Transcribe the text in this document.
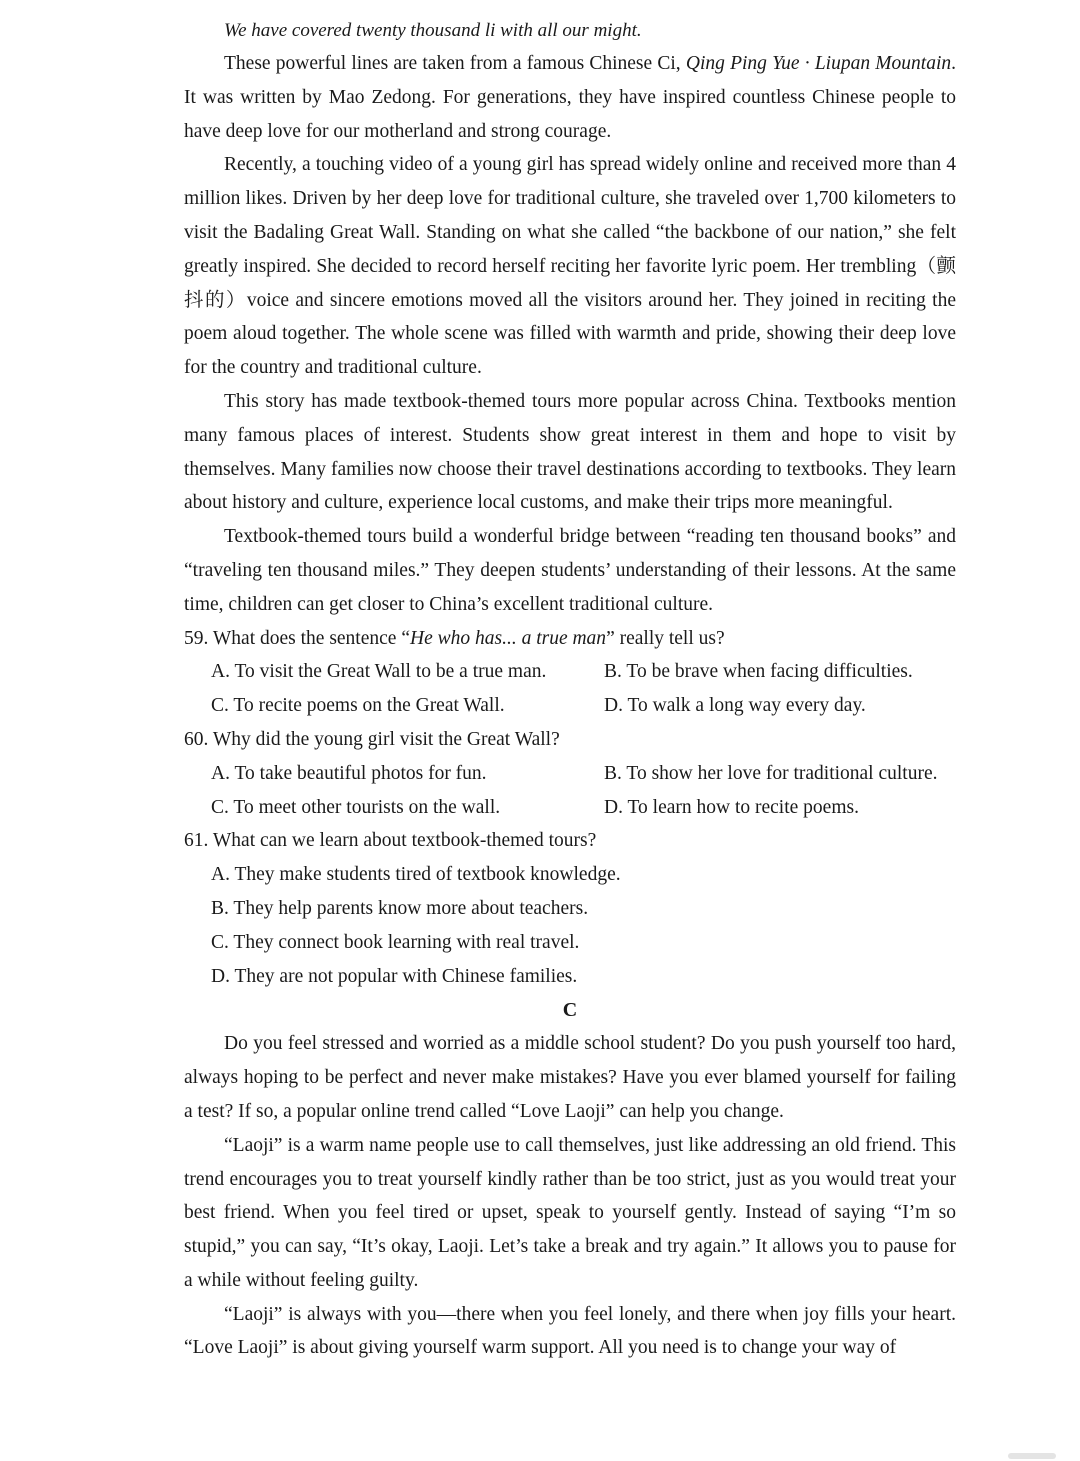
We have covered twenty thousand li with all our might.

These powerful lines are taken from a famous Chinese Ci, Qing Ping Yue · Liupan Mountain. It was written by Mao Zedong. For generations, they have inspired countless Chinese people to have deep love for our motherland and strong courage.

Recently, a touching video of a young girl has spread widely online and received more than 4 million likes. Driven by her deep love for traditional culture, she traveled over 1,700 kilometers to visit the Badaling Great Wall. Standing on what she called “the backbone of our nation,” she felt greatly inspired. She decided to record herself reciting her favorite lyric poem. Her trembling（颤抖的）voice and sincere emotions moved all the visitors around her. They joined in reciting the poem aloud together. The whole scene was filled with warmth and pride, showing their deep love for the country and traditional culture.

This story has made textbook-themed tours more popular across China. Textbooks mention many famous places of interest. Students show great interest in them and hope to visit by themselves. Many families now choose their travel destinations according to textbooks. They learn about history and culture, experience local customs, and make their trips more meaningful.

Textbook-themed tours build a wonderful bridge between “reading ten thousand books” and “traveling ten thousand miles.” They deepen students’ understanding of their lessons. At the same time, children can get closer to China’s excellent traditional culture.

59. What does the sentence “He who has... a true man” really tell us?
A. To visit the Great Wall to be a true man.	B. To be brave when facing difficulties.
C. To recite poems on the Great Wall.	D. To walk a long way every day.
60. Why did the young girl visit the Great Wall?
A. To take beautiful photos for fun.	B. To show her love for traditional culture.
C. To meet other tourists on the wall.	D. To learn how to recite poems.
61. What can we learn about textbook-themed tours?
A. They make students tired of textbook knowledge.
B. They help parents know more about teachers.
C. They connect book learning with real travel.
D. They are not popular with Chinese families.
C

Do you feel stressed and worried as a middle school student? Do you push yourself too hard, always hoping to be perfect and never make mistakes? Have you ever blamed yourself for failing a test? If so, a popular online trend called “Love Laoji” can help you change.

“Laoji” is a warm name people use to call themselves, just like addressing an old friend. This trend encourages you to treat yourself kindly rather than be too strict, just as you would treat your best friend. When you feel tired or upset, speak to yourself gently. Instead of saying “I’m so stupid,” you can say, “It’s okay, Laoji. Let’s take a break and try again.” It allows you to pause for a while without feeling guilty.

“Laoji” is always with you—there when you feel lonely, and there when joy fills your heart. “Love Laoji” is about giving yourself warm support. All you need is to change your way of
